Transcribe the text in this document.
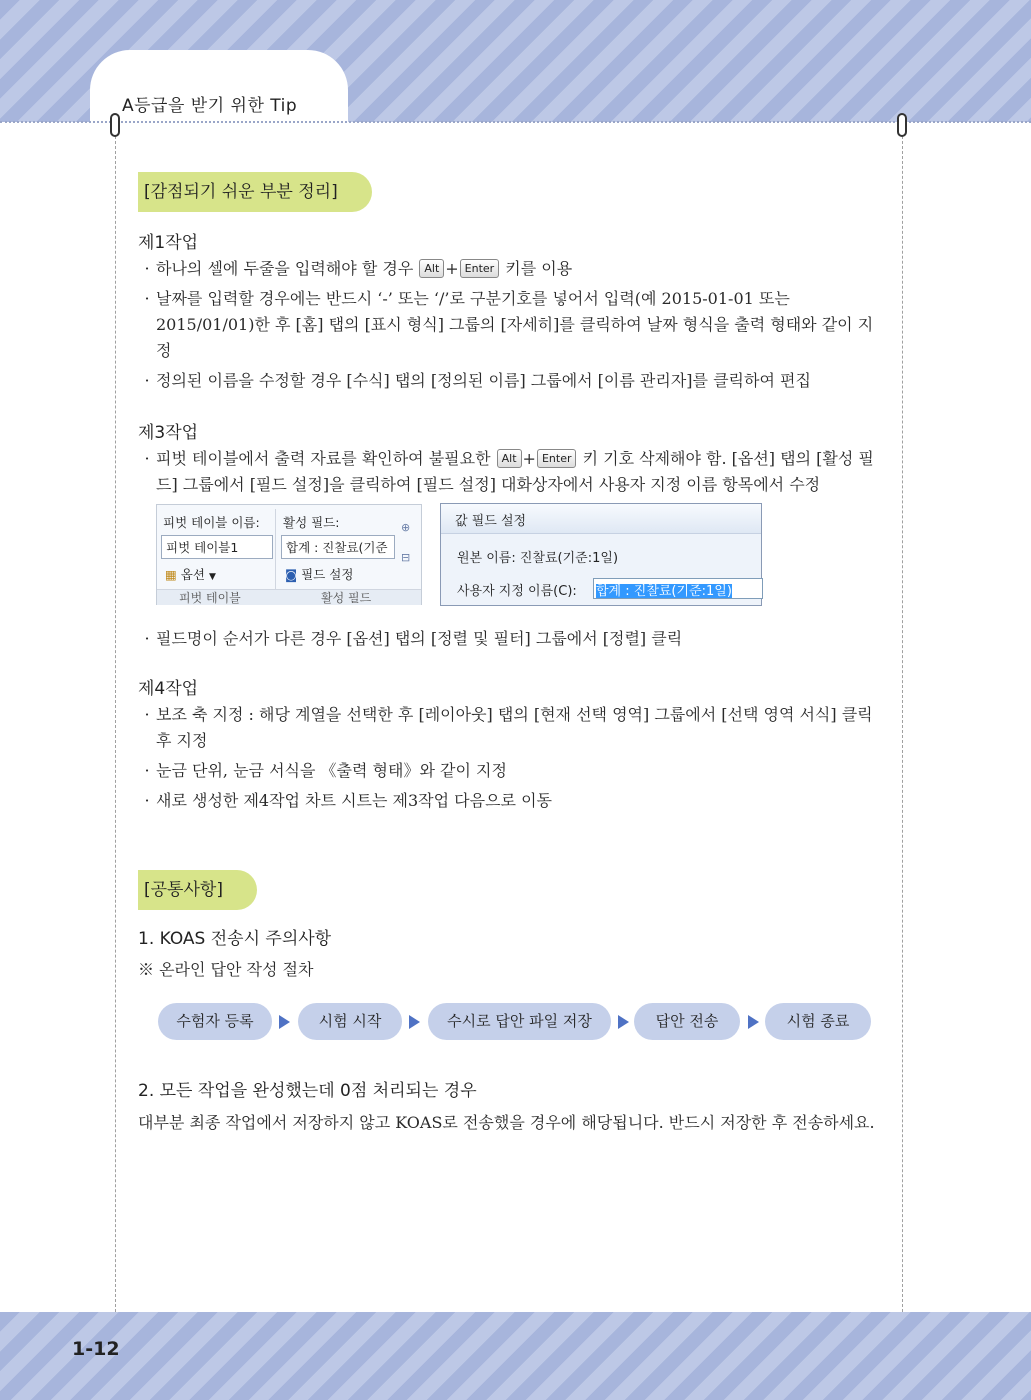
A등급을 받기 위한 Tip
[감점되기 쉬운 부분 정리]
제1작업
· 하나의 셀에 두줄을 입력해야 할 경우 Alt + Enter 키를 이용
· 날짜를 입력할 경우에는 반드시 ‘-’ 또는 ‘/’로 구분기호를 넣어서 입력(예 2015-01-01 또는 2015/01/01)한 후 [홈] 탭의 [표시 형식] 그룹의 [자세히]를 클릭하여 날짜 형식을 출력 형태와 같이 지정
· 정의된 이름을 수정할 경우 [수식] 탭의 [정의된 이름] 그룹에서 [이름 관리자]를 클릭하여 편집
제3작업
· 피벗 테이블에서 출력 자료를 확인하여 불필요한 Alt + Enter 키 기호 삭제해야 함. [옵션] 탭의 [활성 필드] 그룹에서 [필드 설정]을 클릭하여 [필드 설정] 대화상자에서 사용자 지정 이름 항목에서 수정
피벗 테이블 이름:
피벗 테이블1
▦ 옵션 ▼
활성 필드:
합계 : 진찰료(기준
⊕
⊟
◙ 필드 설정
피벗 테이블	활성 필드
값 필드 설정
원본 이름: 진찰료(기준:1일)
사용자 지정 이름(C): 합계 : 진찰료(기준:1일)
· 필드명이 순서가 다른 경우 [옵션] 탭의 [정렬 및 필터] 그룹에서 [정렬] 클릭
제4작업
· 보조 축 지정 : 해당 계열을 선택한 후 [레이아웃] 탭의 [현재 선택 영역] 그룹에서 [선택 영역 서식] 클릭 후 지정
· 눈금 단위, 눈금 서식을 《출력 형태》와 같이 지정
· 새로 생성한 제4작업 차트 시트는 제3작업 다음으로 이동
[공통사항]
1. KOAS 전송시 주의사항
※ 온라인 답안 작성 절차
수험자 등록	시험 시작	수시로 답안 파일 저장	답안 전송	시험 종료
2. 모든 작업을 완성했는데 0점 처리되는 경우
대부분 최종 작업에서 저장하지 않고 KOAS로 전송했을 경우에 해당됩니다. 반드시 저장한 후 전송하세요.
1-12
